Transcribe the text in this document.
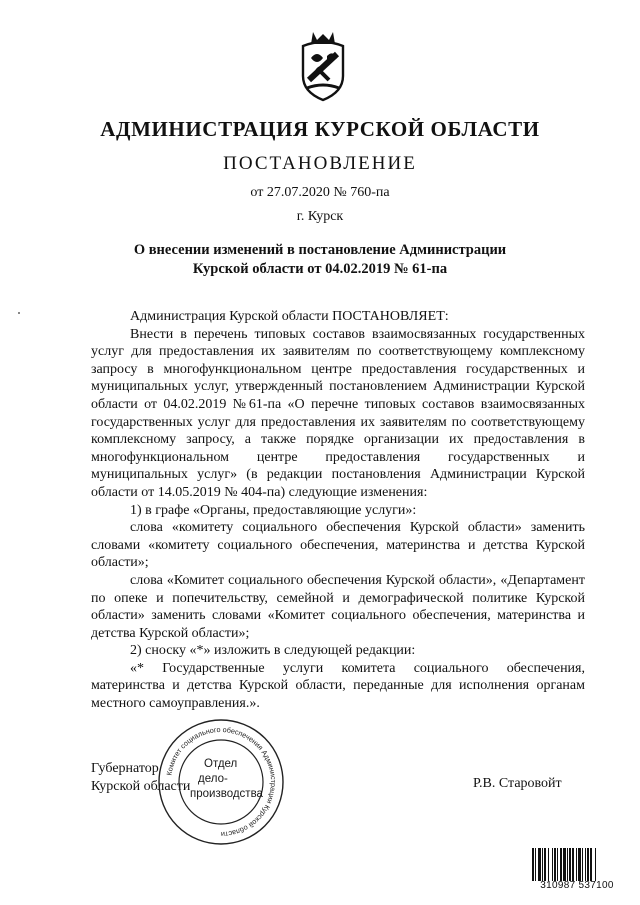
АДМИНИСТРАЦИЯ КУРСКОЙ ОБЛАСТИ
ПОСТАНОВЛЕНИЕ
от 27.07.2020 № 760-па
г. Курск
О внесении изменений в постановление Администрации
Курской области от 04.02.2019 № 61-па

Администрация Курской области ПОСТАНОВЛЯЕТ:

Внести в перечень типовых составов взаимосвязанных государственных услуг для предоставления их заявителям по соответствующему комплексному запросу в многофункциональном центре предоставления государственных и муниципальных услуг, утвержденный постановлением Администрации Курской области от 04.02.2019 №61-па «О перечне типовых составов взаимосвязанных государственных услуг для предоставления их заявителям по соответствующему комплексному запросу, а также порядке организации их предоставления в многофункциональном центре предоставления государственных и муниципальных услуг» (в редакции постановления Администрации Курской области от 14.05.2019 № 404-па) следующие изменения:

1) в графе «Органы, предоставляющие услуги»:

слова «комитету социального обеспечения Курской области» заменить словами «комитету социального обеспечения, материнства и детства Курской области»;

слова «Комитет социального обеспечения Курской области», «Департамент по опеке и попечительству, семейной и демографической политике Курской области» заменить словами «Комитет социального обеспечения, материнства и детства Курской области»;

2) сноску «*» изложить в следующей редакции:

«* Государственные услуги комитета социального обеспечения, материнства и детства Курской области, переданные для исполнения органам местного самоуправления.».

Губернатор
Курской области	Р.В. Старовойт
Комитет социального обеспечения Администрации Курской области
Отдел
дело-
производства
310987 537100
